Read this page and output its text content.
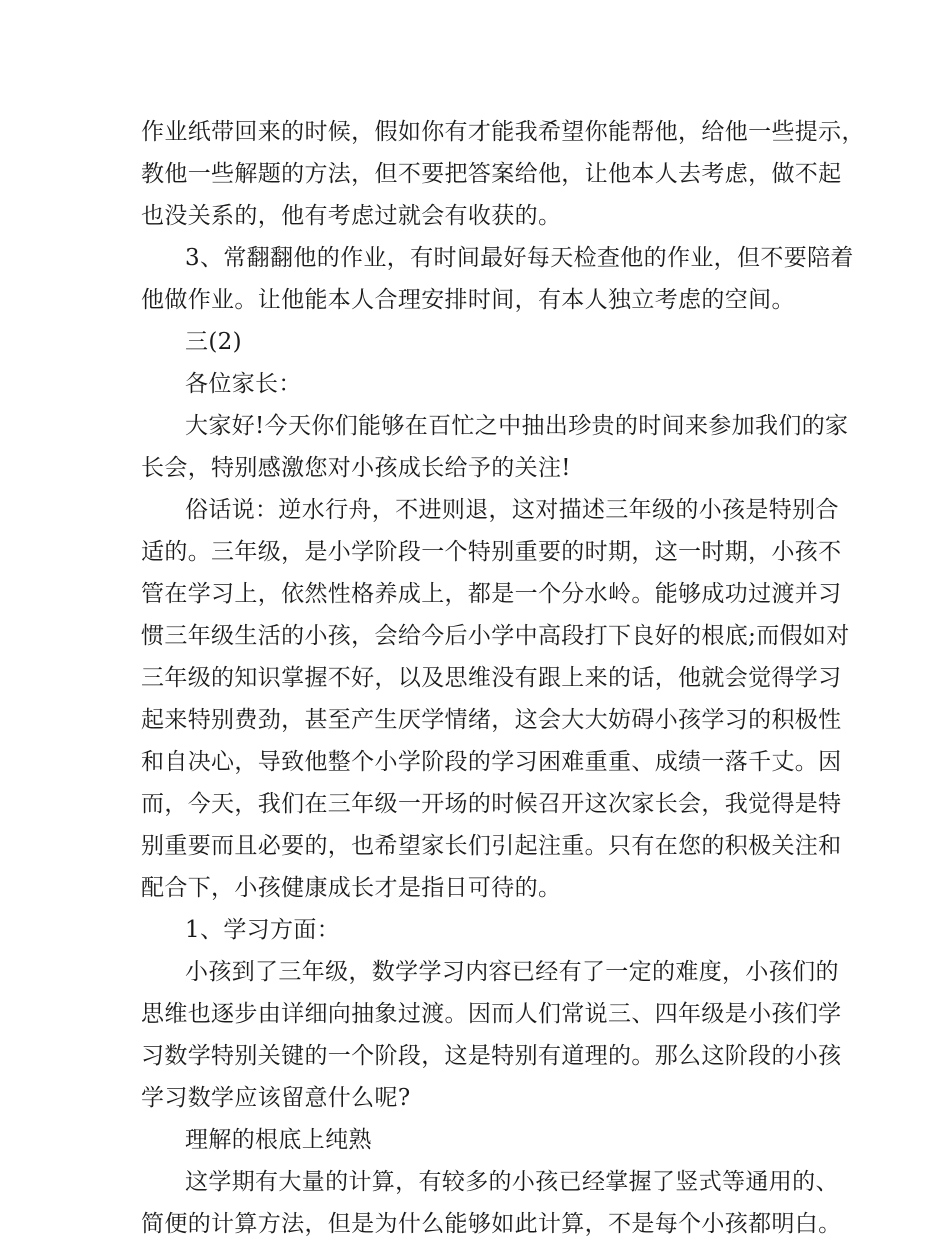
作业纸带回来的时候，假如你有才能我希望你能帮他，给他一些提示，
教他一些解题的方法，但不要把答案给他，让他本人去考虑，做不起
也没关系的，他有考虑过就会有收获的。
3、常翻翻他的作业，有时间最好每天检查他的作业，但不要陪着
他做作业。让他能本人合理安排时间，有本人独立考虑的空间。
三(2)
各位家长：
大家好!今天你们能够在百忙之中抽出珍贵的时间来参加我们的家
长会，特别感激您对小孩成长给予的关注!
俗话说：逆水行舟，不进则退，这对描述三年级的小孩是特别合
适的。三年级，是小学阶段一个特别重要的时期，这一时期，小孩不
管在学习上，依然性格养成上，都是一个分水岭。能够成功过渡并习
惯三年级生活的小孩，会给今后小学中高段打下良好的根底;而假如对
三年级的知识掌握不好，以及思维没有跟上来的话，他就会觉得学习
起来特别费劲，甚至产生厌学情绪，这会大大妨碍小孩学习的积极性
和自决心，导致他整个小学阶段的学习困难重重、成绩一落千丈。因
而，今天，我们在三年级一开场的时候召开这次家长会，我觉得是特
别重要而且必要的，也希望家长们引起注重。只有在您的积极关注和
配合下，小孩健康成长才是指日可待的。
1、学习方面：
小孩到了三年级，数学学习内容已经有了一定的难度，小孩们的
思维也逐步由详细向抽象过渡。因而人们常说三、四年级是小孩们学
习数学特别关键的一个阶段，这是特别有道理的。那么这阶段的小孩
学习数学应该留意什么呢?
理解的根底上纯熟
这学期有大量的计算，有较多的小孩已经掌握了竖式等通用的、
简便的计算方法，但是为什么能够如此计算，不是每个小孩都明白。
